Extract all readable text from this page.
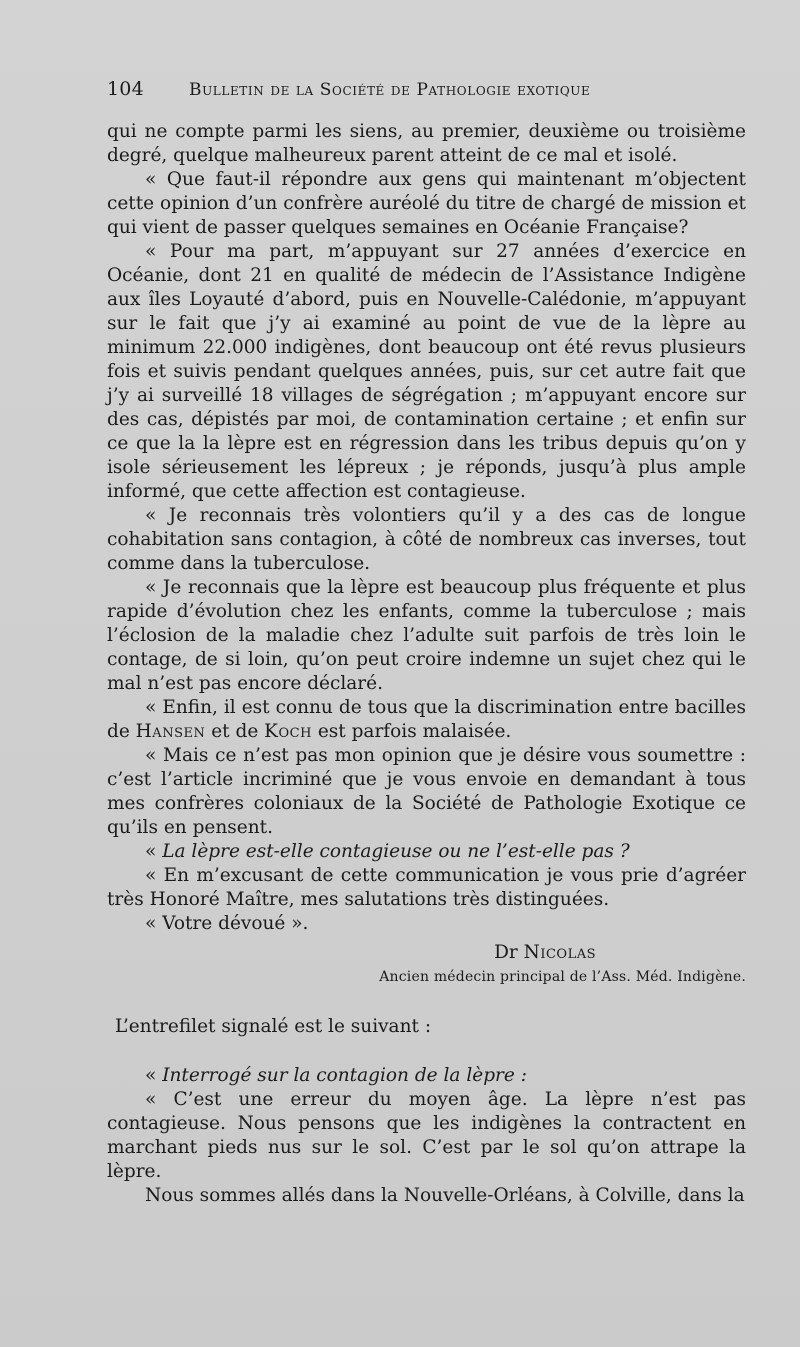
104	Bulletin de la Société de Pathologie exotique

qui ne compte parmi les siens, au premier, deuxième ou troisième degré, quelque malheureux parent atteint de ce mal et isolé.

« Que faut-il répondre aux gens qui maintenant m’objectent cette opinion d’un confrère auréolé du titre de chargé de mission et qui vient de passer quelques semaines en Océanie Française?

« Pour ma part, m’appuyant sur 27 années d’exercice en Océanie, dont 21 en qualité de médecin de l’Assistance Indigène aux îles Loyauté d’abord, puis en Nouvelle-Calédonie, m’appuyant sur le fait que j’y ai examiné au point de vue de la lèpre au minimum 22.000 indigènes, dont beaucoup ont été revus plusieurs fois et suivis pendant quelques années, puis, sur cet autre fait que j’y ai surveillé 18 villages de ségrégation ; m’appuyant encore sur des cas, dépistés par moi, de contamination certaine ; et enfin sur ce que la la lèpre est en régression dans les tribus depuis qu’on y isole sérieusement les lépreux ; je réponds, jusqu’à plus ample informé, que cette affection est contagieuse.

« Je reconnais très volontiers qu’il y a des cas de longue cohabitation sans contagion, à côté de nombreux cas inverses, tout comme dans la tuberculose.

« Je reconnais que la lèpre est beaucoup plus fréquente et plus rapide d’évolution chez les enfants, comme la tuberculose ; mais l’éclosion de la maladie chez l’adulte suit parfois de très loin le contage, de si loin, qu’on peut croire indemne un sujet chez qui le mal n’est pas encore déclaré.

« Enfin, il est connu de tous que la discrimination entre bacilles de Hansen et de Koch est parfois malaisée.

« Mais ce n’est pas mon opinion que je désire vous soumettre : c’est l’article incriminé que je vous envoie en demandant à tous mes confrères coloniaux de la Société de Pathologie Exotique ce qu’ils en pensent.

« La lèpre est-elle contagieuse ou ne l’est-elle pas ?

« En m’excusant de cette communication je vous prie d’agréer très Honoré Maître, mes salutations très distinguées.

« Votre dévoué ».

Dr Nicolas
Ancien médecin principal de l’Ass. Méd. Indigène.

L’entrefilet signalé est le suivant :

« Interrogé sur la contagion de la lèpre :

« C’est une erreur du moyen âge. La lèpre n’est pas contagieuse. Nous pensons que les indigènes la contractent en marchant pieds nus sur le sol. C’est par le sol qu’on attrape la lèpre.

Nous sommes allés dans la Nouvelle-Orléans, à Colville, dans la
